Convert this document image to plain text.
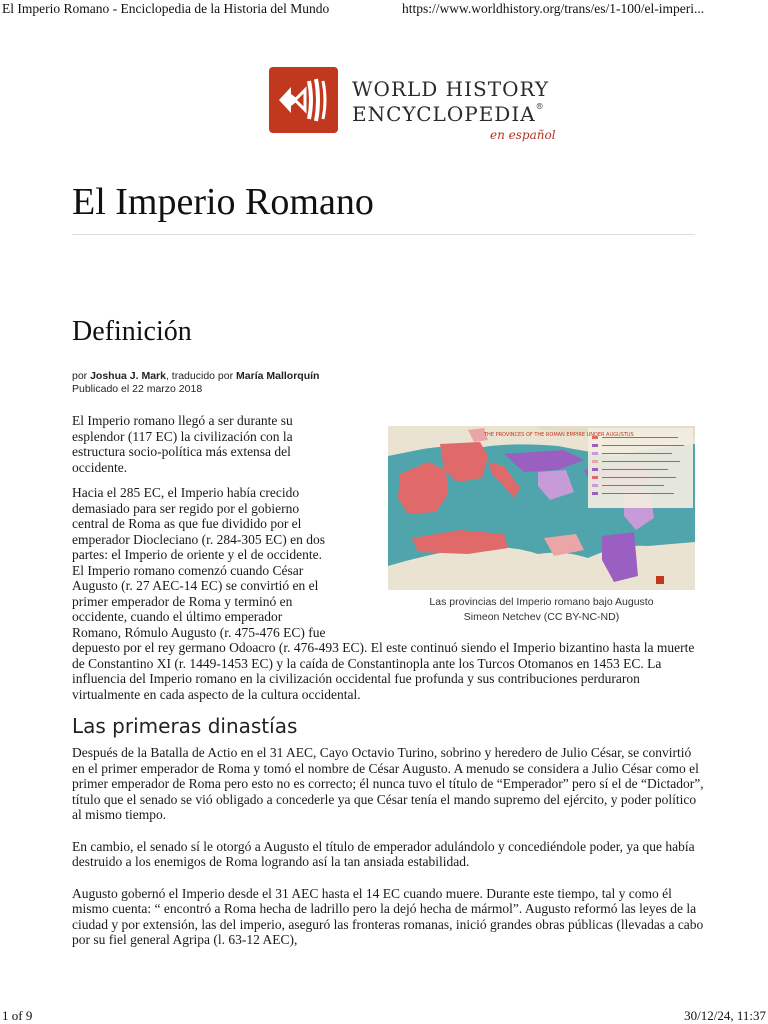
El Imperio Romano - Enciclopedia de la Historia del Mundo	https://www.worldhistory.org/trans/es/1-100/el-imperi...
WORLD HISTORY
ENCYCLOPEDIA®
en español
El Imperio Romano
Definición
por Joshua J. Mark, traducido por María Mallorquín
Publicado el 22 marzo 2018
THE PROVINCES OF THE ROMAN EMPIRE UNDER AUGUSTUS
Las provincias del Imperio romano bajo Augusto
Simeon Netchev (CC BY-NC-ND)

El Imperio romano llegó a ser durante su esplendor (117 EC) la civilización con la estructura socio-política más extensa del occidente.

Hacia el 285 EC, el Imperio había crecido
demasiado para ser regido por el gobierno
central de Roma as que fue dividido por el
emperador Diocleciano (r. 284-305 EC) en dos
partes: el Imperio de oriente y el de occidente.
El Imperio romano comenzó cuando César
Augusto (r. 27 AEC-14 EC) se convirtió en el
primer emperador de Roma y terminó en
occidente, cuando el último emperador
Romano, Rómulo Augusto (r. 475-476 EC) fue

depuesto por el rey germano Odoacro (r. 476-493 EC). El este continuó siendo el Imperio bizantino hasta la muerte de Constantino XI (r. 1449-1453 EC) y la caída de Constantinopla ante los Turcos Otomanos en 1453 EC. La influencia del Imperio romano en la civilización occidental fue profunda y sus contribuciones perduraron virtualmente en cada aspecto de la cultura occidental.

Las primeras dinastías

Después de la Batalla de Actio en el 31 AEC, Cayo Octavio Turino, sobrino y heredero de Julio César, se convirtió en el primer emperador de Roma y tomó el nombre de César Augusto. A menudo se considera a Julio César como el primer emperador de Roma pero esto no es correcto; él nunca tuvo el título de “Emperador” pero sí el de “Dictador”, título que el senado se vió obligado a concederle ya que César tenía el mando supremo del ejército, y poder político al mismo tiempo.

En cambio, el senado sí le otorgó a Augusto el título de emperador adulándolo y concediéndole poder, ya que había destruido a los enemigos de Roma logrando así la tan ansiada estabilidad.

Augusto gobernó el Imperio desde el 31 AEC hasta el 14 EC cuando muere. Durante este tiempo, tal y como él mismo cuenta: “ encontró a Roma hecha de ladrillo pero la dejó hecha de mármol”. Augusto reformó las leyes de la ciudad y por extensión, las del imperio, aseguró las fronteras romanas, inició grandes obras públicas (llevadas a cabo por su fiel general Agripa (l. 63-12 AEC),

1 of 9	30/12/24, 11:37
